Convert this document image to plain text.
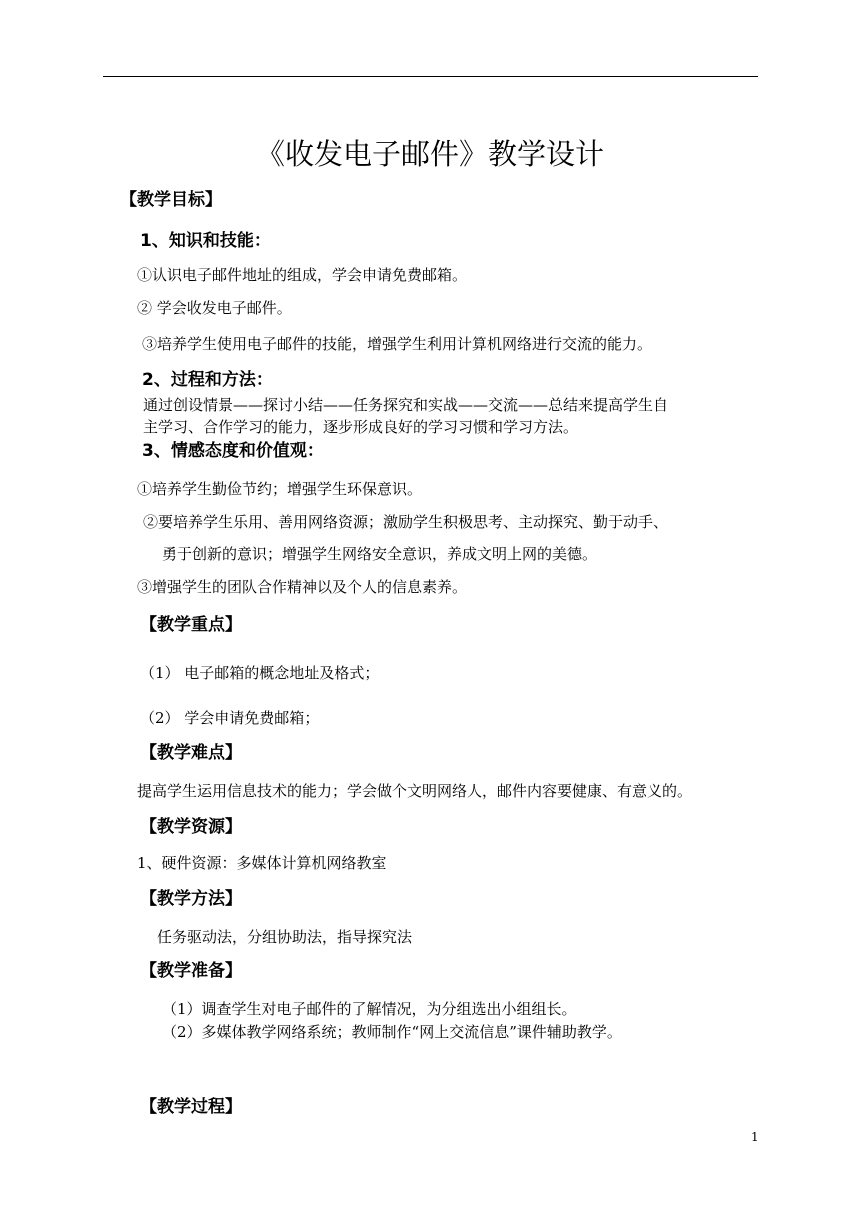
《收发电子邮件》教学设计
【教学目标】
1、知识和技能：
①认识电子邮件地址的组成，学会申请免费邮箱。
② 学会收发电子邮件。
③培养学生使用电子邮件的技能，增强学生利用计算机网络进行交流的能力。
2、过程和方法：
通过创设情景——探讨小结——任务探究和实战——交流——总结来提高学生自
主学习、合作学习的能力，逐步形成良好的学习习惯和学习方法。
3、情感态度和价值观：
①培养学生勤俭节约；增强学生环保意识。
②要培养学生乐用、善用网络资源；激励学生积极思考、主动探究、勤于动手、
勇于创新的意识；增强学生网络安全意识，养成文明上网的美德。
③增强学生的团队合作精神以及个人的信息素养。
【教学重点】
（1） 电子邮箱的概念地址及格式；
（2） 学会申请免费邮箱；
【教学难点】
提高学生运用信息技术的能力；学会做个文明网络人，邮件内容要健康、有意义的。
【教学资源】
1、硬件资源：多媒体计算机网络教室
【教学方法】
任务驱动法，分组协助法，指导探究法
【教学准备】
（1）调查学生对电子邮件的了解情况，为分组选出小组组长。
（2）多媒体教学网络系统；教师制作“网上交流信息”课件辅助教学。
【教学过程】
1
